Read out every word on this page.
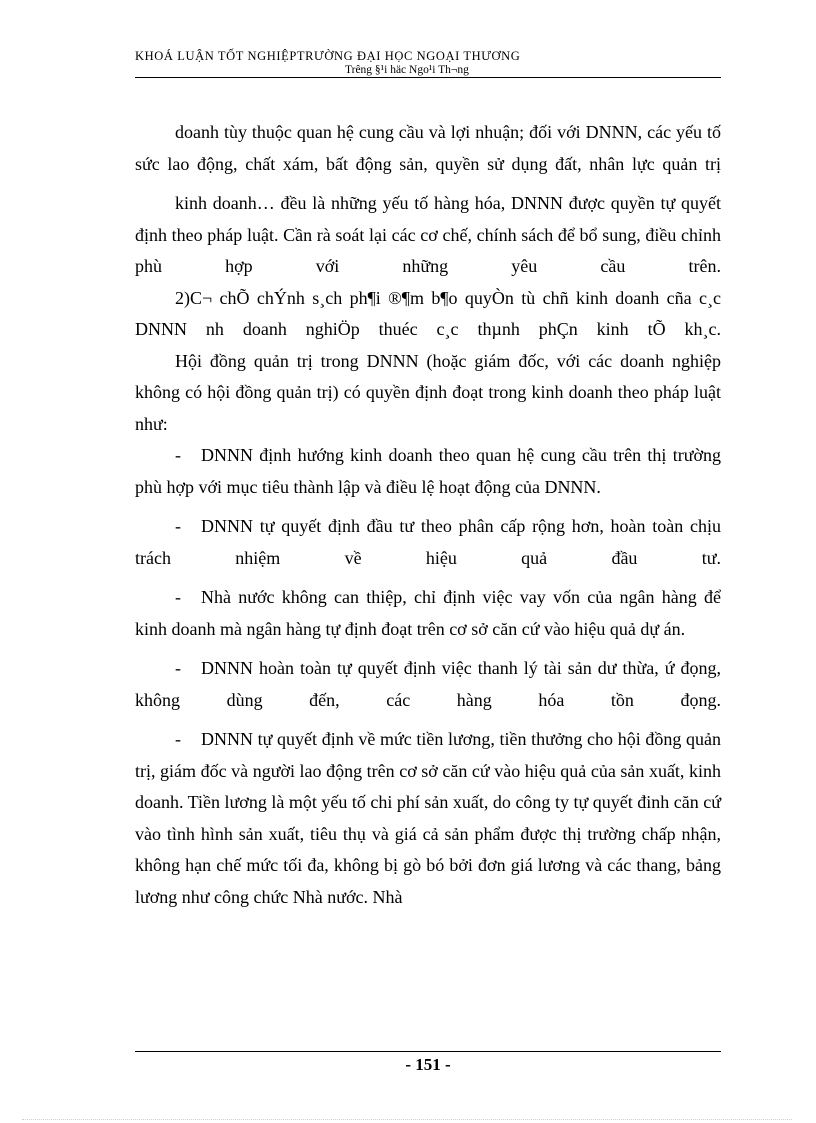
KHOÁ LUẬN TỐT NGHIỆPTRƯỜNG ĐẠI HỌC NGOẠI THƯƠNG
Trêng §¹i häc Ngo¹i Th¬ng
doanh tùy thuộc quan hệ cung cầu và lợi nhuận; đối với DNNN, các yếu tố sức lao động, chất xám, bất động sản, quyền sử dụng đất, nhân lực quản trị
kinh doanh… đều là những yếu tố hàng hóa, DNNN được quyền tự quyết định theo pháp luật. Cần rà soát lại các cơ chế, chính sách để bổ sung, điều chỉnh phù hợp với những yêu cầu trên.
2)C¬ chÕ chÝnh s¸ch ph¶i ®¶m b¶o quyÒn tù chñ kinh doanh cña c¸c DNNN nh doanh nghiÖp thuéc c¸c thµnh phÇn kinh tÕ kh¸c.
Hội đồng quản trị trong DNNN (hoặc giám đốc, với các doanh nghiệp không có hội đồng quản trị) có quyền định đoạt trong kinh doanh theo pháp luật như:
- DNNN định hướng kinh doanh theo quan hệ cung cầu trên thị trường phù hợp với mục tiêu thành lập và điều lệ hoạt động của DNNN.
- DNNN tự quyết định đầu tư theo phân cấp rộng hơn, hoàn toàn chịu trách nhiệm về hiệu quả đầu tư.
- Nhà nước không can thiệp, chỉ định việc vay vốn của ngân hàng để kinh doanh mà ngân hàng tự định đoạt trên cơ sở căn cứ vào hiệu quả dự án.
- DNNN hoàn toàn tự quyết định việc thanh lý tài sản dư thừa, ứ đọng, không dùng đến, các hàng hóa tồn đọng.
- DNNN tự quyết định về mức tiền lương, tiền thưởng cho hội đồng quản trị, giám đốc và người lao động trên cơ sở căn cứ vào hiệu quả của sản xuất, kinh doanh. Tiền lương là một yếu tố chi phí sản xuất, do công ty tự quyết đinh căn cứ vào tình hình sản xuất, tiêu thụ và giá cả sản phẩm được thị trường chấp nhận, không hạn chế mức tối đa, không bị gò bó bởi đơn giá lương và các thang, bảng lương như công chức Nhà nước. Nhà
- 151 -
